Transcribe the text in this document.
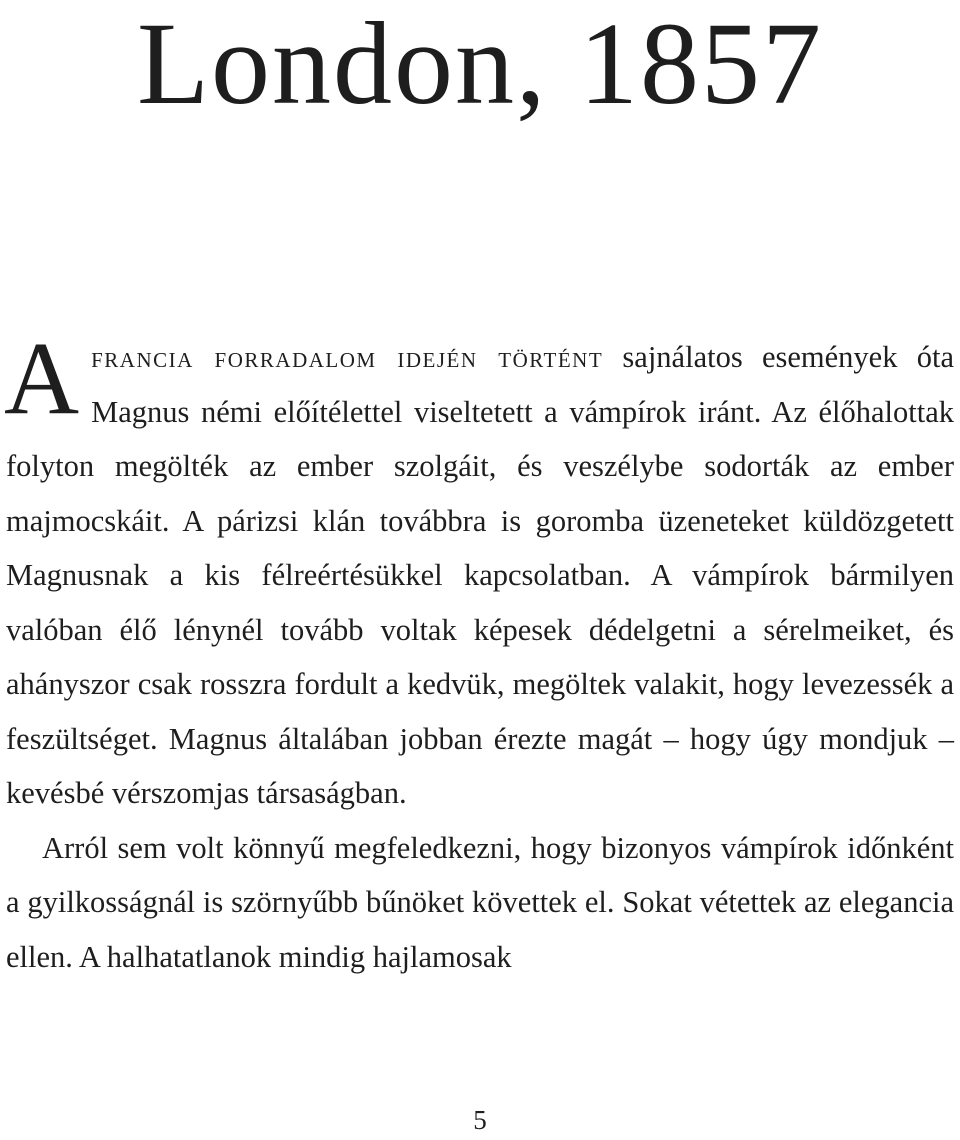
London, 1857

Afrancia forradalom idején történt sajnálatos események óta Magnus némi előítélettel viseltetett a vámpírok iránt. Az élőhalottak folyton megölték az ember szolgáit, és veszélybe sodorták az ember majmocskáit. A párizsi klán továbbra is goromba üzeneteket küldözgetett Magnusnak a kis félreértésükkel kapcsolatban. A vámpírok bármilyen valóban élő lénynél tovább voltak képesek dédelgetni a sérelmeiket, és ahányszor csak rosszra fordult a kedvük, megöltek valakit, hogy levezessék a feszültséget. Magnus általában jobban érezte magát – hogy úgy mondjuk – kevésbé vérszomjas társaságban.

Arról sem volt könnyű megfeledkezni, hogy bizonyos vámpírok időnként a gyilkosságnál is szörnyűbb bűnöket követtek el. Sokat vétettek az elegancia ellen. A halhatatlanok mindig hajlamosak

5
